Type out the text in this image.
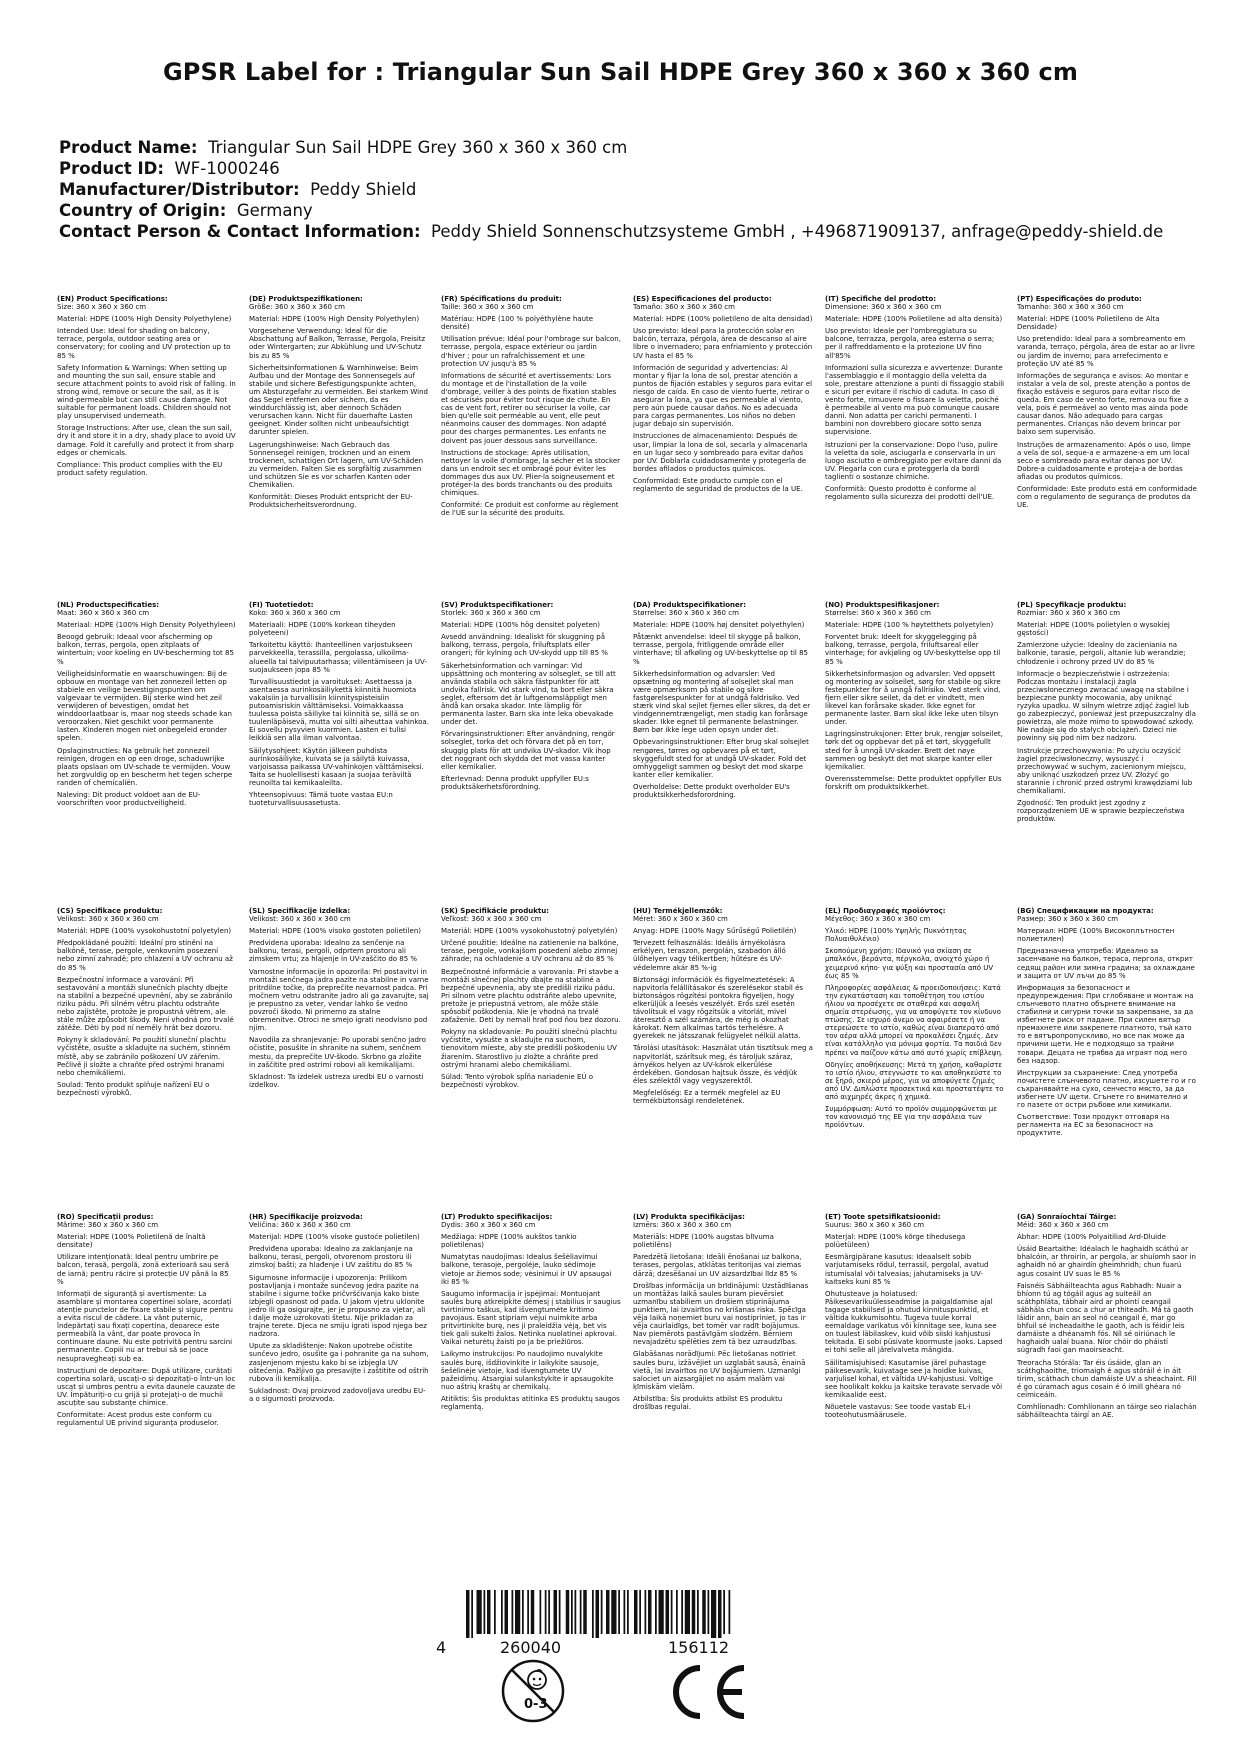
GPSR Label for : Triangular Sun Sail HDPE Grey 360 x 360 x 360 cm
Product Name: Triangular Sun Sail HDPE Grey 360 x 360 x 360 cm
Product ID: WF-1000246
Manufacturer/Distributor: Peddy Shield
Country of Origin: Germany
Contact Person & Contact Information: Peddy Shield Sonnenschutzsysteme GmbH , +496871909137, anfrage@peddy-shield.de
(EN) Product Specifications:

Size: 360 x 360 x 360 cm

Material: HDPE (100% High Density Polyethylene)

Intended Use: Ideal for shading on balcony, terrace, pergola, outdoor seating area or conservatory; for cooling and UV protection up to 85 %

Safety Information & Warnings: When setting up and mounting the sun sail, ensure stable and secure attachment points to avoid risk of falling. In strong wind, remove or secure the sail, as it is wind-permeable but can still cause damage. Not suitable for permanent loads. Children should not play unsupervised underneath.

Storage Instructions: After use, clean the sun sail, dry it and store it in a dry, shady place to avoid UV damage. Fold it carefully and protect it from sharp edges or chemicals.

Compliance: This product complies with the EU product safety regulation.

(DE) Produktspezifikationen:

Größe: 360 x 360 x 360 cm

Material: HDPE (100% High Density Polyethylen)

Vorgesehene Verwendung: Ideal für die Abschattung auf Balkon, Terrasse, Pergola, Freisitz oder Wintergarten; zur Abkühlung und UV-Schutz bis zu 85 %

Sicherheitsinformationen & Warnhinweise: Beim Aufbau und der Montage des Sonnensegels auf stabile und sichere Befestigungspunkte achten, um Absturzgefahr zu vermeiden. Bei starkem Wind das Segel entfernen oder sichern, da es winddurchlässig ist, aber dennoch Schäden verursachen kann. Nicht für dauerhafte Lasten geeignet. Kinder sollten nicht unbeaufsichtigt darunter spielen.

Lagerungshinweise: Nach Gebrauch das Sonnensegel reinigen, trocknen und an einem trockenen, schattigen Ort lagern, um UV-Schäden zu vermeiden. Falten Sie es sorgfältig zusammen und schützen Sie es vor scharfen Kanten oder Chemikalien.

Konformität: Dieses Produkt entspricht der EU-Produktsicherheitsverordnung.

(FR) Spécifications du produit:

Taille: 360 x 360 x 360 cm

Matériau: HDPE (100 % polyéthylène haute densité)

Utilisation prévue: Idéal pour l'ombrage sur balcon, terrasse, pergola, espace extérieur ou jardin d'hiver ; pour un rafraîchissement et une protection UV jusqu'à 85 %

Informations de sécurité et avertissements: Lors du montage et de l'installation de la voile d'ombrage, veiller à des points de fixation stables et sécurisés pour éviter tout risque de chute. En cas de vent fort, retirer ou sécuriser la voile, car bien qu'elle soit perméable au vent, elle peut néanmoins causer des dommages. Non adapté pour des charges permanentes. Les enfants ne doivent pas jouer dessous sans surveillance.

Instructions de stockage: Après utilisation, nettoyer la voile d'ombrage, la sécher et la stocker dans un endroit sec et ombragé pour éviter les dommages dus aux UV. Plier-la soigneusement et protéger-la des bords tranchants ou des produits chimiques.

Conformité: Ce produit est conforme au règlement de l'UE sur la sécurité des produits.

(ES) Especificaciones del producto:

Tamaño: 360 x 360 x 360 cm

Material: HDPE (100% polietileno de alta densidad)

Uso previsto: Ideal para la protección solar en balcón, terraza, pérgola, área de descanso al aire libre o invernadero; para enfriamiento y protección UV hasta el 85 %

Información de seguridad y advertencias: Al montar y fijar la lona de sol, prestar atención a puntos de fijación estables y seguros para evitar el riesgo de caída. En caso de viento fuerte, retirar o asegurar la lona, ya que es permeable al viento, pero aún puede causar daños. No es adecuada para cargas permanentes. Los niños no deben jugar debajo sin supervisión.

Instrucciones de almacenamiento: Después de usar, limpiar la lona de sol, secarla y almacenarla en un lugar seco y sombreado para evitar daños por UV. Doblarla cuidadosamente y protegerla de bordes afilados o productos químicos.

Conformidad: Este producto cumple con el reglamento de seguridad de productos de la UE.

(IT) Specifiche del prodotto:

Dimensione: 360 x 360 x 360 cm

Materiale: HDPE (100% Polietilene ad alta densità)

Uso previsto: Ideale per l'ombreggiatura su balcone, terrazza, pergola, area esterna o serra; per il raffreddamento e la protezione UV fino all'85%

Informazioni sulla sicurezza e avvertenze: Durante l'assemblaggio e il montaggio della veletta da sole, prestare attenzione a punti di fissaggio stabili e sicuri per evitare il rischio di caduta. In caso di vento forte, rimuovere o fissare la veletta, poiché è permeabile al vento ma può comunque causare danni. Non adatta per carichi permanenti. I bambini non dovrebbero giocare sotto senza supervisione.

Istruzioni per la conservazione: Dopo l'uso, pulire la veletta da sole, asciugarla e conservarla in un luogo asciutto e ombreggiato per evitare danni da UV. Piegarla con cura e proteggerla da bordi taglienti o sostanze chimiche.

Conformità: Questo prodotto è conforme al regolamento sulla sicurezza dei prodotti dell'UE.

(PT) Especificações do produto:

Tamanho: 360 x 360 x 360 cm

Material: HDPE (100% Polietileno de Alta Densidade)

Uso pretendido: Ideal para a sombreamento em varanda, terraço, pérgola, área de estar ao ar livre ou jardim de inverno; para arrefecimento e proteção UV até 85 %

Informações de segurança e avisos: Ao montar e instalar a vela de sol, preste atenção a pontos de fixação estáveis e seguros para evitar risco de queda. Em caso de vento forte, remova ou fixe a vela, pois é permeável ao vento mas ainda pode causar danos. Não adequado para cargas permanentes. Crianças não devem brincar por baixo sem supervisão.

Instruções de armazenamento: Após o uso, limpe a vela de sol, seque-a e armazene-a em um local seco e sombreado para evitar danos por UV. Dobre-a cuidadosamente e proteja-a de bordas afiadas ou produtos químicos.

Conformidade: Este produto está em conformidade com o regulamento de segurança de produtos da UE.

(NL) Productspecificaties:

Maat: 360 x 360 x 360 cm

Materiaal: HDPE (100% High Density Polyethyleen)

Beoogd gebruik: Ideaal voor afscherming op balkon, terras, pergola, open zitplaats of wintertuin; voor koeling en UV-bescherming tot 85 %

Veiligheidsinformatie en waarschuwingen: Bij de opbouw en montage van het zonnezeil letten op stabiele en veilige bevestigingspunten om valgevaar te vermijden. Bij sterke wind het zeil verwijderen of bevestigen, omdat het winddoorlaatbaar is, maar nog steeds schade kan veroorzaken. Niet geschikt voor permanente lasten. Kinderen mogen niet onbegeleid eronder spelen.

Opslaginstructies: Na gebruik het zonnezeil reinigen, drogen en op een droge, schaduwrijke plaats opslaan om UV-schade te vermijden. Vouw het zorgvuldig op en bescherm het tegen scherpe randen of chemicaliën.

Naleving: Dit product voldoet aan de EU-voorschriften voor productveiligheid.

(FI) Tuotetiedot:

Koko: 360 x 360 x 360 cm

Materiaali: HDPE (100% korkean tiheyden polyeteeni)

Tarkoitettu käyttö: Ihanteellinen varjostukseen parvekkeella, terassilla, pergolassa, ulkoilma-alueella tai talvipuutarhassa; viilentämiseen ja UV-suojaukseen jopa 85 %

Turvallisuustiedot ja varoitukset: Asettaessa ja asentaessa aurinkosäiliykettä kiinnitä huomiota vakaisiin ja turvallisiin kiinnityspisteisiin putoamisriskin välttämiseksi. Voimakkaassa tuulessa poista säiliyke tai kiinnitä se, sillä se on tuulenläpäisevä, mutta voi silti aiheuttaa vahinkoa. Ei sovellu pysyvien kuormien. Lasten ei tulisi leikkiä sen alla ilman valvontaa.

Säilytysohjeet: Käytön jälkeen puhdista aurinkosäiliyke, kuivata se ja säilytä kuivassa, varjoisassa paikassa UV-vahinkojen välttämiseksi. Taita se huolellisesti kasaan ja suojaa teräviltä reunoilta tai kemikaaleilta.

Yhteensopivuus: Tämä tuote vastaa EU:n tuoteturvallisuusasetusta.

(SV) Produktspecifikationer:

Storlek: 360 x 360 x 360 cm

Material: HDPE (100% hög densitet polyeten)

Avsedd användning: Idealiskt för skuggning på balkong, terrass, pergola, friluftsplats eller orangeri; för kylning och UV-skydd upp till 85 %

Säkerhetsinformation och varningar: Vid uppsättning och montering av solseglet, se till att använda stabila och säkra fästpunkter för att undvika fallrisk. Vid stark vind, ta bort eller säkra seglet, eftersom det är luftgenomsläppligt men ändå kan orsaka skador. Inte lämplig för permanenta laster. Barn ska inte leka obevakade under det.

Förvaringsinstruktioner: Efter användning, rengör solseglet, torka det och förvara det på en torr, skuggig plats för att undvika UV-skador. Vik ihop det noggrant och skydda det mot vassa kanter eller kemikalier.

Efterlevnad: Denna produkt uppfyller EU:s produktsäkerhetsförordning.

(DA) Produktspecifikationer:

Størrelse: 360 x 360 x 360 cm

Materiale: HDPE (100% høj densitet polyethylen)

Påtænkt anvendelse: Ideel til skygge på balkon, terrasse, pergola, fritliggende område eller vinterhave; til afkøling og UV-beskyttelse op til 85 %

Sikkerhedsinformation og advarsler: Ved opsætning og montering af solsejlet skal man være opmærksom på stabile og sikre fastgørelsespunkter for at undgå faldrisiko. Ved stærk vind skal sejlet fjernes eller sikres, da det er vindgennemtrængeligt, men stadig kan forårsage skader. Ikke egnet til permanente belastninger. Børn bør ikke lege uden opsyn under det.

Opbevaringsinstruktioner: Efter brug skal solsejlet rengøres, tørres og opbevares på et tørt, skyggefuldt sted for at undgå UV-skader. Fold det omhyggeligt sammen og beskyt det mod skarpe kanter eller kemikalier.

Overholdelse: Dette produkt overholder EU's produktsikkerhedsforordning.

(NO) Produktspesifikasjoner:

Størrelse: 360 x 360 x 360 cm

Materiale: HDPE (100 % høytetthets polyetylen)

Forventet bruk: Ideelt for skyggelegging på balkong, terrasse, pergola, friluftsareal eller vinterhage; for avkjøling og UV-beskyttelse opp til 85 %

Sikkerhetsinformasjon og advarsler: Ved oppsett og montering av solseilet, sørg for stabile og sikre festepunkter for å unngå fallrisiko. Ved sterk vind, fjern eller sikre seilet, da det er vindtett, men likevel kan forårsake skader. Ikke egnet for permanente laster. Barn skal ikke leke uten tilsyn under.

Lagringsinstruksjoner: Etter bruk, rengjør solseilet, tørk det og oppbevar det på et tørt, skyggefullt sted for å unngå UV-skader. Brett det nøye sammen og beskytt det mot skarpe kanter eller kjemikalier.

Overensstemmelse: Dette produktet oppfyller EUs forskrift om produktsikkerhet.

(PL) Specyfikacje produktu:

Rozmiar: 360 x 360 x 360 cm

Materiał: HDPE (100% polietylen o wysokiej gęstości)

Zamierzone użycie: Idealny do zacieniania na balkonie, tarasie, pergoli, altanie lub werandzie; chłodzenie i ochrony przed UV do 85 %

Informacje o bezpieczeństwie i ostrzeżenia: Podczas montażu i instalacji żagla przeciwsłonecznego zwracać uwagę na stabilne i bezpieczne punkty mocowania, aby uniknąć ryzyka upadku. W silnym wietrze zdjąć żagiel lub go zabezpieczyć, ponieważ jest przepuszczalny dla powietrza, ale może mimo to spowodować szkody. Nie nadaje się do stałych obciążeń. Dzieci nie powinny się pod nim bez nadzoru.

Instrukcje przechowywania: Po użyciu oczyścić żagiel przeciwsłoneczny, wysuszyć i przechowywać w suchym, zacienionym miejscu, aby uniknąć uszkodzeń przez UV. Złożyć go starannie i chronić przed ostrymi krawędziami lub chemikaliami.

Zgodność: Ten produkt jest zgodny z rozporządzeniem UE w sprawie bezpieczeństwa produktów.

(CS) Specifikace produktu:

Velikost: 360 x 360 x 360 cm

Materiál: HDPE (100% vysokohustotní polyetylen)

Předpokládané použití: Ideální pro stínění na balkóně, terase, pergole, venkovním posezení nebo zimní zahradě; pro chlazení a UV ochranu až do 85 %

Bezpečnostní informace a varování: Při sestavování a montáži slunečních plachty dbejte na stabilní a bezpečné upevnění, aby se zabránilo riziku pádu. Při silném větru plachtu odstraňte nebo zajistěte, protože je propustná větrem, ale stále může způsobit škody. Není vhodná pro trvalé zátěže. Děti by pod ní neměly hrát bez dozoru.

Pokyny k skladování: Po použití sluneční plachtu vyčistěte, osušte a skladujte na suchém, stinném místě, aby se zabránilo poškození UV zářením. Pečlivě ji složte a chraňte před ostrými hranami nebo chemikáliemi.

Soulad: Tento produkt splňuje nařízení EU o bezpečnosti výrobků.

(SL) Specifikacije izdelka:

Velikost: 360 x 360 x 360 cm

Material: HDPE (100% visoko gostoten polietilen)

Predvidena uporaba: Idealno za senčenje na balkonu, terasi, pergoli, odprtem prostoru ali zimskem vrtu; za hlajenje in UV-zaščito do 85 %

Varnostne informacije in opozorila: Pri postavitvi in montaži senčnega jadra pazite na stabilne in varne pritrdilne točke, da preprečite nevarnost padca. Pri močnem vetru odstranite jadro ali ga zavarujte, saj je prepustno za veter, vendar lahko še vedno povzroči škodo. Ni primerno za stalne obremenitve. Otroci ne smejo igrati neodvisno pod njim.

Navodila za shranjevanje: Po uporabi senčno jadro očistite, posušite in shranite na suhem, senčnem mestu, da preprečite UV-škodo. Skrbno ga zložite in zaščitite pred ostrimi robovi ali kemikalijami.

Skladnost: Ta izdelek ustreza uredbi EU o varnosti izdelkov.

(SK) Špecifikácie produktu:

Veľkosť: 360 x 360 x 360 cm

Materiál: HDPE (100% vysokohustotný polyetylén)

Určené použitie: Ideálne na zatienenie na balkóne, terase, pergole, vonkajšom posedení alebo zimnej záhrade; na ochladenie a UV ochranu až do 85 %

Bezpečnostné informácie a varovania: Pri stavbe a montáži slnečnej plachty dbajte na stabilné a bezpečné upevnenia, aby ste predišli riziku pádu. Pri silnom vetre plachtu odstráňte alebo upevnite, pretože je priepustná vetrom, ale môže stále spôsobiť poškodenia. Nie je vhodná na trvalé zaťaženie. Deti by nemali hrať pod ňou bez dozoru.

Pokyny na skladovanie: Po použití slnečnú plachtu vyčistite, vysušte a skladujte na suchom, tienovitom mieste, aby ste predišli poškodeniu UV žiarením. Starostlivo ju zložte a chráňte pred ostrými hranami alebo chemikáliami.

Súlad: Tento výrobok spĺňa nariadenie EÚ o bezpečnosti výrobkov.

(HU) Termékjellemzők:

Méret: 360 x 360 x 360 cm

Anyag: HDPE (100% Nagy Sűrűségű Polietilén)

Tervezett felhasználás: Ideális árnyékolásra erkélyen, teraszon, pergolán, szabadon álló ülőhelyen vagy télikertben; hűtésre és UV-védelemre akár 85 %-ig

Biztonsági információk és figyelmeztetések: A napvitorla felállításakor és szerelésekor stabil és biztonságos rögzítési pontokra figyeljen, hogy elkerüljük a leesés veszélyét. Erős szél esetén távolítsuk el vagy rögzítsük a vitorlát, mivel áteresztő a szél számára, de még is okozhat károkat. Nem alkalmas tartós terhelésre. A gyerekek ne játsszanak felügyelet nélkül alatta.

Tárolási utasítások: Használat után tisztítsuk meg a napvitorlát, szárítsuk meg, és tároljuk száraz, árnyékos helyen az UV-károk elkerülése érdekében. Gondosan hajtsuk össze, és védjük éles szélektől vagy vegyszerektől.

Megfelelőség: Ez a termék megfelel az EU termékbiztonsági rendeletének.

(EL) Προδιαγραφές προϊόντος:

Μέγεθος: 360 x 360 x 360 cm

Υλικό: HDPE (100% Υψηλής Πυκνότητας Πολυαιθυλένιο)

Σκοπούμενη χρήση: Ιδανικό για σκίαση σε μπαλκόνι, βεράντα, πέργκολα, ανοιχτό χώρο ή χειμερινό κήπο· για ψύξη και προστασία από UV έως 85 %

Πληροφορίες ασφάλειας & προειδοποιήσεις: Κατά την εγκατάσταση και τοποθέτηση του ιστίου ήλιου να προσέχετε σε σταθερά και ασφαλή σημεία στερέωσης, για να αποφύγετε τον κίνδυνο πτώσης. Σε ισχυρό άνεμο να αφαιρέσετε ή να στερεώσετε το ιστίο, καθώς είναι διαπερατό από τον αέρα αλλά μπορεί να προκαλέσει ζημιές. Δεν είναι κατάλληλο για μόνιμα φορτία. Τα παιδιά δεν πρέπει να παίζουν κάτω από αυτό χωρίς επίβλεψη.

Οδηγίες αποθήκευσης: Μετά τη χρήση, καθαρίστε το ιστίο ήλιου, στεγνώστε το και αποθηκεύστε το σε ξηρό, σκιερό μέρος, για να αποφύγετε ζημιές από UV. Διπλώστε προσεκτικά και προστατέψτε το από αιχμηρές άκρες ή χημικά.

Συμμόρφωση: Αυτό το προϊόν συμμορφώνεται με τον κανονισμό της ΕΕ για την ασφάλεια των προϊόντων.

(BG) Спецификации на продукта:

Размер: 360 x 360 x 360 cm

Материал: HDPE (100% Високоплътностен полиетилен)

Предназначена употреба: Идеално за засенчване на балкон, тераса, пергола, открит седящ район или зимна градина; за охлаждане и защита от UV лъчи до 85 %

Информация за безопасност и предупреждения: При сглобяване и монтаж на слънчевото платно обърнете внимание на стабилни и сигурни точки за закрепване, за да избегнете риск от падане. При силен вятър премахнете или закрепете платното, тъй като то е вятъропропускливо, но все пак може да причини щети. Не е подходящо за трайни товари. Децата не трябва да играят под него без надзор.

Инструкции за съхранение: След употреба почистете слънчевото платно, изсушете го и го съхранявайте на сухо, сенчесто място, за да избегнете UV щети. Сгънете го внимателно и го пазете от остри ръбове или химикали.

Съответствие: Този продукт отговаря на регламента на ЕС за безопасност на продуктите.

(RO) Specificații produs:

Mărime: 360 x 360 x 360 cm

Material: HDPE (100% Polietilenă de înaltă densitate)

Utilizare intenționată: Ideal pentru umbrire pe balcon, terasă, pergolă, zonă exterioară sau seră de iarnă; pentru răcire și protecție UV până la 85 %

Informații de siguranță și avertismente: La asamblare și montarea copertinei solare, acordați atenție punctelor de fixare stabile și sigure pentru a evita riscul de cădere. La vânt puternic, îndepărtați sau fixați copertina, deoarece este permeabilă la vânt, dar poate provoca în continuare daune. Nu este potrivită pentru sarcini permanente. Copiii nu ar trebui să se joace nesupravegheați sub ea.

Instrucțiuni de depozitare: După utilizare, curățați copertina solară, uscați-o și depozitați-o într-un loc uscat și umbros pentru a evita daunele cauzate de UV. Împăturiți-o cu grijă și protejați-o de muchii ascuțite sau substanțe chimice.

Conformitate: Acest produs este conform cu regulamentul UE privind siguranța produselor.

(HR) Specifikacije proizvoda:

Veličina: 360 x 360 x 360 cm

Materijal: HDPE (100% visoke gustoće polietilen)

Predviđena uporaba: Idealno za zaklanjanje na balkonu, terasi, pergoli, otvorenom prostoru ili zimskoj bašti; za hlađenje i UV zaštitu do 85 %

Sigurnosne informacije i upozorenja: Prilikom postavljanja i montaže sunčevog jedra pazite na stabilne i sigurne točke pričvršćivanja kako biste izbjegli opasnost od pada. U jakom vjetru uklonite jedro ili ga osigurajte, jer je propusno za vjetar, ali i dalje može uzrokovati štetu. Nije prikladan za trajne terete. Djeca ne smiju igrati ispod njega bez nadzora.

Upute za skladištenje: Nakon upotrebe očistite sunčevo jedro, osušite ga i pohranite ga na suhom, zasjenjenom mjestu kako bi se izbjegla UV oštećenja. Pažljivo ga presavijte i zaštitite od oštrih rubova ili kemikalija.

Sukladnost: Ovaj proizvod zadovoljava uredbu EU-a o sigurnosti proizvoda.

(LT) Produkto specifikacijos:

Dydis: 360 x 360 x 360 cm

Medžiaga: HDPE (100% aukštos tankio polietilenas)

Numatytas naudojimas: Idealus šešėliavimui balkone, terasoje, pergolėje, lauko sėdimoje vietoje ar žiemos sode; vėsinimui ir UV apsaugai iki 85 %

Saugumo informacija ir įspėjimai: Montuojant saulės burę atkreipkite dėmesį į stabilius ir saugius tvirtinimo taškus, kad išvengtumėte kritimo pavojaus. Esant stipriam vėjui nuimkite arba pritvirtinkite burę, nes ji praleidžia vėją, bet vis tiek gali sukelti žalos. Netinka nuolatinei apkrovai. Vaikai neturėtų žaisti po ja be priežiūros.

Laikymo instrukcijos: Po naudojimo nuvalykite saulės burę, išdžiovinkite ir laikykite sausoje, šešėlinėje vietoje, kad išvengtumėte UV pažeidimų. Atsargiai sulankstykite ir apsaugokite nuo aštrių kraštų ar chemikalų.

Atitiktis: Šis produktas atitinka ES produktų saugos reglamentą.

(LV) Produkta specifikācijas:

Izmērs: 360 x 360 x 360 cm

Materiāls: HDPE (100% augstas blīvuma polietilēns)

Paredzētā lietošana: Ideāli ēnošanai uz balkona, terases, pergolas, atklātas teritorijas vai ziemas dārzā; dzesēšanai un UV aizsardzībai līdz 85 %

Drošības informācija un brīdinājumi: Uzstādīšanas un montāžas laikā saules buram pievērsiet uzmanību stabiliem un drošiem stiprinājuma punktiem, lai izvairītos no krišanas riska. Spēcīga vēja laikā noņemiet buru vai nostipriniet, jo tas ir vēja caurlaidīgs, bet tomēr var radīt bojājumus. Nav piemērots pastāvīgām slodzēm. Bērniem nevajadzētu spēlēties zem tā bez uzraudzības.

Glabāšanas norādījumi: Pēc lietošanas notīriet saules buru, izžāvējiet un uzglabāt sausā, ēnainā vietā, lai izvairītos no UV bojājumiem. Uzmanīgi salociet un aizsargājiet no asām malām vai ķīmiskām vielām.

Atbilstība: Šis produkts atbilst ES produktu drošības regulai.

(ET) Toote spetsifikatsioonid:

Suurus: 360 x 360 x 360 cm

Materjal: HDPE (100% kõrge tihedusega polüetüleen)

Eesmärgipärane kasutus: Ideaalselt sobib varjutamiseks rõdul, terrassil, pergolal, avatud istumisalal või talveaias; jahutamiseks ja UV-kaitseks kuni 85 %

Ohutusteave ja hoiatused: Päikesevarikuülesseadmise ja paigaldamise ajal tagage stabiilsed ja ohutud kinnituspunktid, et vältida kukkumisohtu. Tugeva tuule korral eemaldage varikatus või kinnitage see, kuna see on tuulest läbilaskev, kuid võib siiski kahjustusi tekitada. Ei sobi püsivate koormuste jaoks. Lapsed ei tohi selle all järelvalveta mängida.

Säilitamisjuhised: Kasutamise järel puhastage päikesevarik, kuivatage see ja hoidke kuivas, varjulisel kohal, et vältida UV-kahjustusi. Voltige see hoolikalt kokku ja kaitske teravate servade või kemikaalide eest.

Nõuetele vastavus: See toode vastab EL-i tooteohutusmäärusele.

(GA) Sonraíochtaí Táirge:

Méid: 360 x 360 x 360 cm

Ábhar: HDPE (100% Polyaitiliad Ard-Dluide

Úsáid Beartaithe: Idéalach le haghaidh scáthú ar bhalcóin, ar throirín, ar pergola, ar shuíomh saor in aghaidh nó ar ghairdín gheimhridh; chun fuarú agus cosaint UV suas le 85 %

Faisnéis Sábháilteachta agus Rabhadh: Nuair a bhíonn tú ag tógáil agus ag suiteáil an scáthphláta, tábhair aird ar phointí ceangail sábhála chun cosc a chur ar thiteadh. Má tá gaoth láidir ann, bain an seol nó ceangail é, mar go bhfuil sé incheadaithe le gaoth, ach is féidir leis damáiste a dhéanamh fós. Níl sé oiriúnach le haghaidh ualaí buana. Níor chóir do pháistí súgradh faoi gan maoirseacht.

Treoracha Stórála: Tar éis úsáide, glan an scáthghaoithe, triomaigh é agus stóráil é in áit tirim, scáthach chun damáiste UV a sheachaint. Fill é go cúramach agus cosain é ó imill ghéara nó ceimiceáin.

Comhlíonadh: Comhlíonann an táirge seo rialachán sábháilteachta táirgí an AE.

4	260040	156112
0-3
